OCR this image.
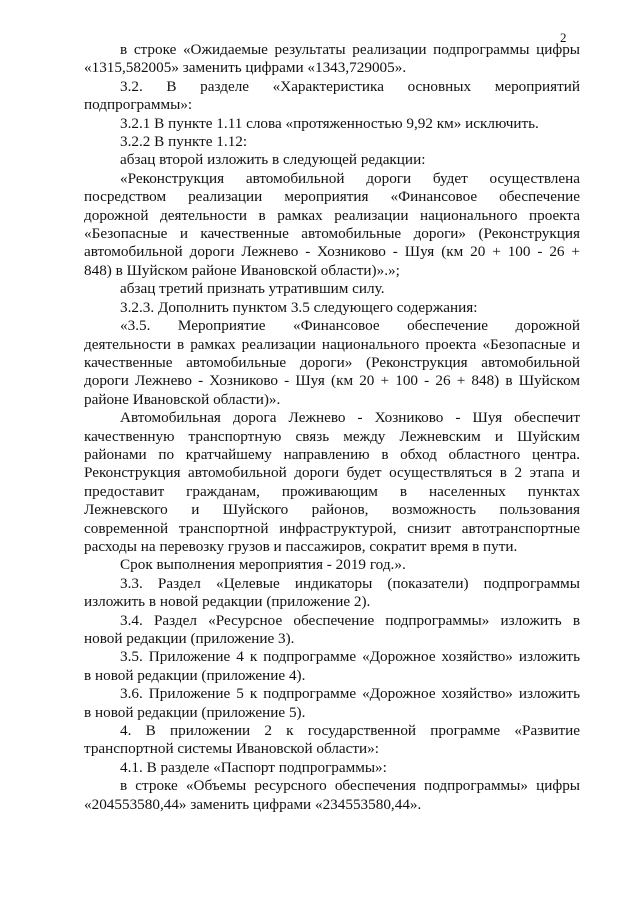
2
в строке «Ожидаемые результаты реализации подпрограммы цифры
«1315,582005» заменить цифрами «1343,729005».
3.2. В разделе «Характеристика основных мероприятий
подпрограммы»:
3.2.1 В пункте 1.11 слова «протяженностью 9,92 км» исключить.
3.2.2 В пункте 1.12:
абзац второй изложить в следующей редакции:
«Реконструкция автомобильной дороги будет осуществлена
посредством реализации мероприятия «Финансовое обеспечение
дорожной деятельности в рамках реализации национального проекта
«Безопасные и качественные автомобильные дороги» (Реконструкция
автомобильной дороги Лежнево - Хозниково - Шуя (км 20 + 100 - 26 +
848) в Шуйском районе Ивановской области)».»;
абзац третий признать утратившим силу.
3.2.3. Дополнить пунктом 3.5 следующего содержания:
«3.5. Мероприятие «Финансовое обеспечение дорожной
деятельности в рамках реализации национального проекта «Безопасные и
качественные автомобильные дороги» (Реконструкция автомобильной
дороги Лежнево - Хозниково - Шуя (км 20 + 100 - 26 + 848) в Шуйском
районе Ивановской области)».
Автомобильная дорога Лежнево - Хозниково - Шуя обеспечит
качественную транспортную связь между Лежневским и Шуйским
районами по кратчайшему направлению в обход областного центра.
Реконструкция автомобильной дороги будет осуществляться в 2 этапа и
предоставит гражданам, проживающим в населенных пунктах
Лежневского и Шуйского районов, возможность пользования
современной транспортной инфраструктурой, снизит автотранспортные
расходы на перевозку грузов и пассажиров, сократит время в пути.
Срок выполнения мероприятия - 2019 год.».
3.3. Раздел «Целевые индикаторы (показатели) подпрограммы
изложить в новой редакции (приложение 2).
3.4. Раздел «Ресурсное обеспечение подпрограммы» изложить в
новой редакции (приложение 3).
3.5. Приложение 4 к подпрограмме «Дорожное хозяйство» изложить
в новой редакции (приложение 4).
3.6. Приложение 5 к подпрограмме «Дорожное хозяйство» изложить
в новой редакции (приложение 5).
4. В приложении 2 к государственной программе «Развитие
транспортной системы Ивановской области»:
4.1. В разделе «Паспорт подпрограммы»:
в строке «Объемы ресурсного обеспечения подпрограммы» цифры
«204553580,44» заменить цифрами «234553580,44».
